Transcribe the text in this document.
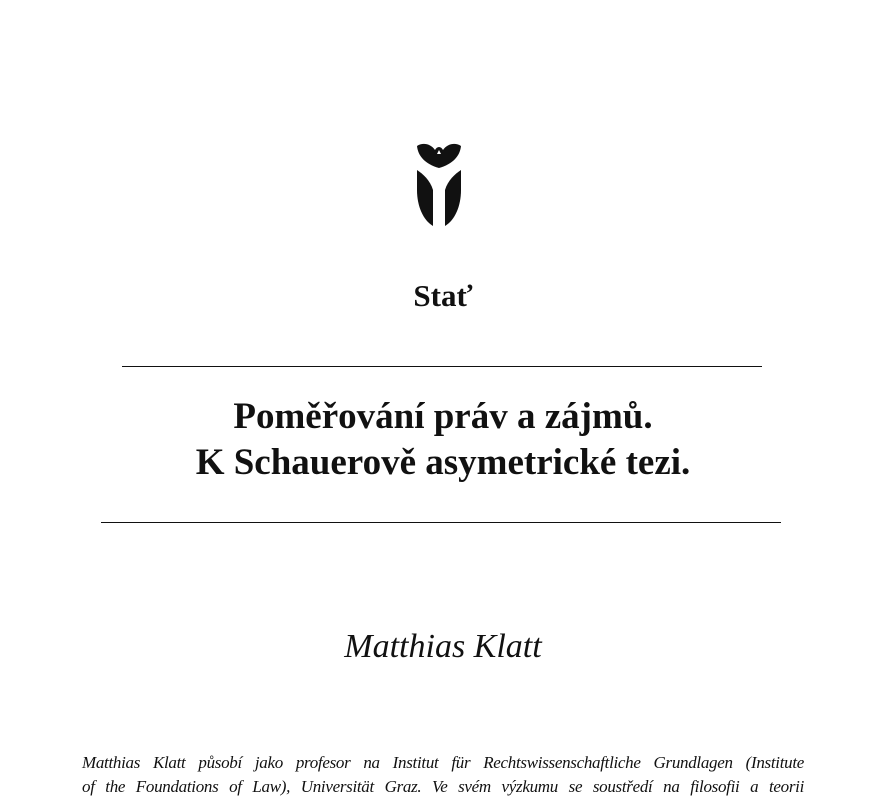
Stať
Poměřování práv a zájmů.
K Schauerově asymetrické tezi.
Matthias Klatt
Matthias Klatt působí jako profesor na Institut für Rechtswissenschaftliche Grundlagen (Institute
of the Foundations of Law), Universität Graz. Ve svém výzkumu se soustředí na filosofii a teorii
